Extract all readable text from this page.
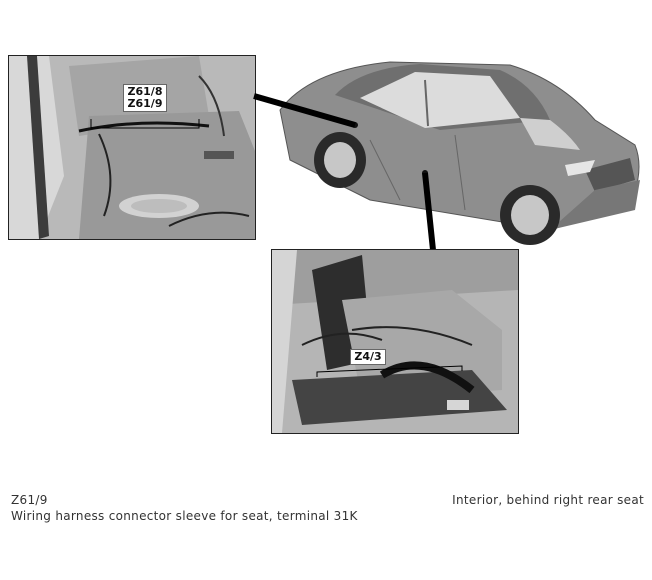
Z61/8
Z61/9
Z4/3
Z61/9
Wiring harness connector sleeve for seat, terminal 31K
Interior, behind right rear seat
